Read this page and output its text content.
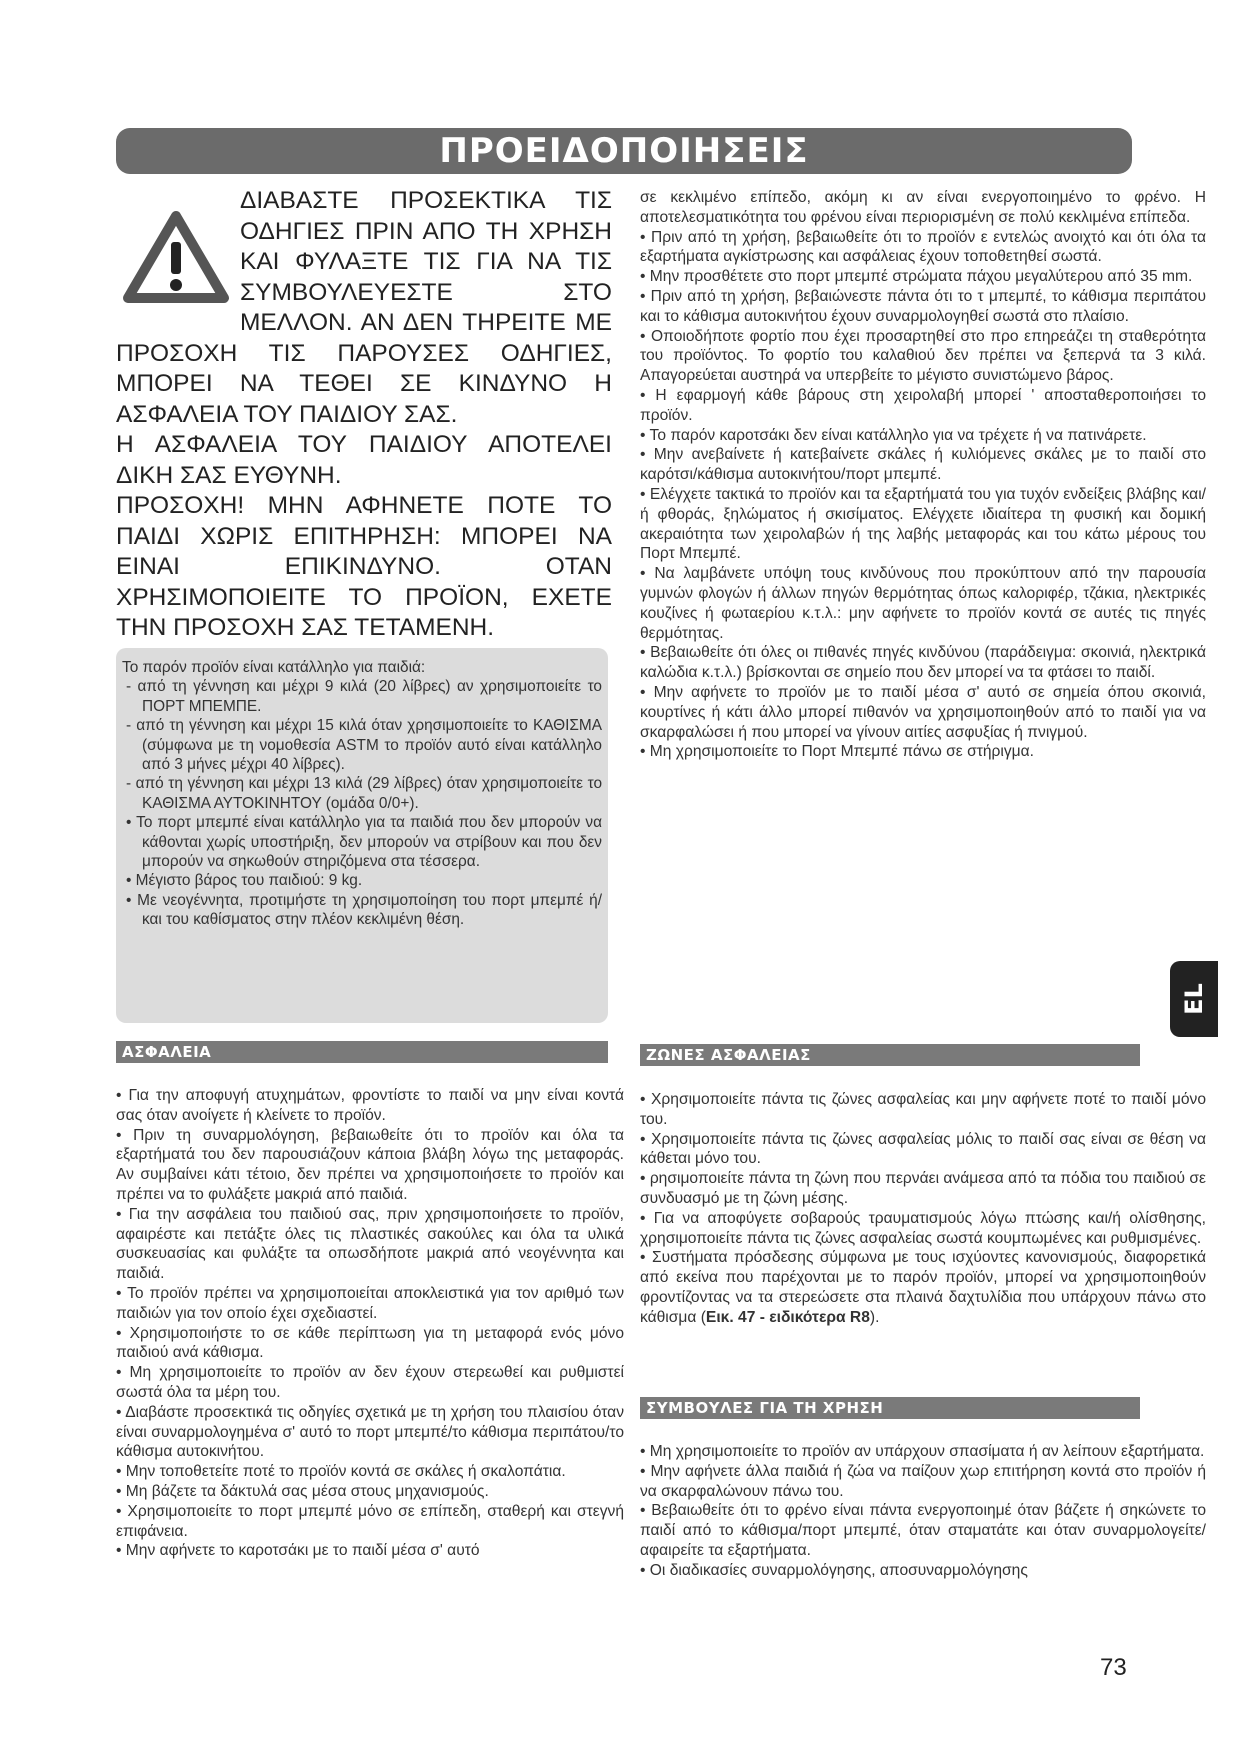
ΠΡΟΕΙΔΟΠΟΙΗΣΕΙΣ

ΔΙΑΒΑΣΤΕ ΠΡΟΣΕΚΤΙΚΑ ΤΙΣ ΟΔΗΓΙΕΣ ΠΡΙΝ ΑΠΟ ΤΗ ΧΡΗΣΗ ΚΑΙ ΦΥΛΑΞΤΕ ΤΙΣ ΓΙΑ ΝΑ ΤΙΣ ΣΥΜΒΟΥΛΕΥΕΣΤΕ ΣΤΟ ΜΕΛΛΟΝ. ΑΝ ΔΕΝ ΤΗΡΕΙΤΕ ΜΕ ΠΡΟΣΟΧΗ ΤΙΣ ΠΑΡΟΥΣΕΣ ΟΔΗΓΙΕΣ, ΜΠΟΡΕΙ ΝΑ ΤΕΘΕΙ ΣΕ ΚΙΝΔΥΝΟ Η ΑΣΦΑΛΕΙΑ ΤΟΥ ΠΑΙΔΙΟΥ ΣΑΣ.

Η ΑΣΦΑΛΕΙΑ ΤΟΥ ΠΑΙΔΙΟΥ ΑΠΟΤΕΛΕΙ ΔΙΚΗ ΣΑΣ ΕΥΘΥΝΗ.

ΠΡΟΣΟΧΗ! ΜΗΝ ΑΦΗΝΕΤΕ ΠΟΤΕ ΤΟ ΠΑΙΔΙ ΧΩΡΙΣ ΕΠΙΤΗΡΗΣΗ: ΜΠΟΡΕΙ ΝΑ ΕΙΝΑΙ ΕΠΙΚΙΝΔΥΝΟ. ΟΤΑΝ ΧΡΗΣΙΜΟΠΟΙΕΙΤΕ ΤΟ ΠΡΟΪΟΝ, ΕΧΕΤΕ ΤΗΝ ΠΡΟΣΟΧΗ ΣΑΣ ΤΕΤΑΜΕΝΗ.

Το παρόν προϊόν είναι κατάλληλο για παιδιά:

- από τη γέννηση και μέχρι 9 κιλά (20 λίβρες) αν χρησιμοποιείτε το ΠΟΡΤ ΜΠΕΜΠΕ.

- από τη γέννηση και μέχρι 15 κιλά όταν χρησιμοποιείτε το ΚΑΘΙΣΜΑ (σύμφωνα με τη νομοθεσία ASTM το προϊόν αυτό είναι κατάλληλο από 3 μήνες μέχρι 40 λίβρες).

- από τη γέννηση και μέχρι 13 κιλά (29 λίβρες) όταν χρησιμοποιείτε το ΚΑΘΙΣΜΑ ΑΥΤΟΚΙΝΗΤΟΥ (ομάδα 0/0+).

• Το πορτ μπεμπέ είναι κατάλληλο για τα παιδιά που δεν μπορούν να κάθονται χωρίς υποστήριξη, δεν μπορούν να στρίβουν και που δεν μπορούν να σηκωθούν στηριζόμενα στα τέσσερα.

• Μέγιστο βάρος του παιδιού: 9 kg.

• Με νεογέννητα, προτιμήστε τη χρησιμοποίηση του πορτ μπεμπέ ή/και του καθίσματος στην πλέον κεκλιμένη θέση.

ΑΣΦΑΛΕΙΑ

• Για την αποφυγή ατυχημάτων, φροντίστε το παιδί να μην είναι κοντά σας όταν ανοίγετε ή κλείνετε το προϊόν.

• Πριν τη συναρμολόγηση, βεβαιωθείτε ότι το προϊόν και όλα τα εξαρτήματά του δεν παρουσιάζουν κάποια βλάβη λόγω της μεταφοράς. Αν συμβαίνει κάτι τέτοιο, δεν πρέπει να χρησιμοποιήσετε το προϊόν και πρέπει να το φυλάξετε μακριά από παιδιά.

• Για την ασφάλεια του παιδιού σας, πριν χρησιμοποιήσετε το προϊόν, αφαιρέστε και πετάξτε όλες τις πλαστικές σακούλες και όλα τα υλικά συσκευασίας και φυλάξτε τα οπωσδήποτε μακριά από νεογέννητα και παιδιά.

• Το προϊόν πρέπει να χρησιμοποιείται αποκλειστικά για τον αριθμό των παιδιών για τον οποίο έχει σχεδιαστεί.

• Χρησιμοποιήστε το σε κάθε περίπτωση για τη μεταφορά ενός μόνο παιδιού ανά κάθισμα.

• Μη χρησιμοποιείτε το προϊόν αν δεν έχουν στερεωθεί και ρυθμιστεί σωστά όλα τα μέρη του.

• Διαβάστε προσεκτικά τις οδηγίες σχετικά με τη χρήση του πλαισίου όταν είναι συναρμολογημένα σ' αυτό το πορτ μπεμπέ/το κάθισμα περιπάτου/το κάθισμα αυτοκινήτου.

• Μην τοποθετείτε ποτέ το προϊόν κοντά σε σκάλες ή σκαλοπάτια.

• Μη βάζετε τα δάκτυλά σας μέσα στους μηχανισμούς.

• Χρησιμοποιείτε το πορτ μπεμπέ μόνο σε επίπεδη, σταθερή και στεγνή επιφάνεια.

• Μην αφήνετε το καροτσάκι με το παιδί μέσα σ' αυτό

σε κεκλιμένο επίπεδο, ακόμη κι αν είναι ενεργοποιημένο το φρένο. Η αποτελεσματικότητα του φρένου είναι περιορισμένη σε πολύ κεκλιμένα επίπεδα.

• Πριν από τη χρήση, βεβαιωθείτε ότι το προϊόν ε εντελώς ανοιχτό και ότι όλα τα εξαρτήματα αγκίστρωσης και ασφάλειας έχουν τοποθετηθεί σωστά.

• Μην προσθέτετε στο πορτ μπεμπέ στρώματα πάχου μεγαλύτερου από 35 mm.

• Πριν από τη χρήση, βεβαιώνεστε πάντα ότι το τ μπεμπέ, το κάθισμα περιπάτου και το κάθισμα αυτοκινήτου έχουν συναρμολογηθεί σωστά στο πλαίσιο.

• Οποιοδήποτε φορτίο που έχει προσαρτηθεί στο προ επηρεάζει τη σταθερότητα του προϊόντος. Το φορτίο του καλαθιού δεν πρέπει να ξεπερνά τα 3 κιλά. Απαγορεύεται αυστηρά να υπερβείτε το μέγιστο συνιστώμενο βάρος.

• Η εφαρμογή κάθε βάρους στη χειρολαβή μπορεί ' αποσταθεροποιήσει το προϊόν.

• Το παρόν καροτσάκι δεν είναι κατάλληλο για να τρέχετε ή να πατινάρετε.

• Μην ανεβαίνετε ή κατεβαίνετε σκάλες ή κυλιόμενες σκάλες με το παιδί στο καρότσι/κάθισμα αυτοκινήτου/πορτ μπεμπέ.

• Ελέγχετε τακτικά το προϊόν και τα εξαρτήματά του για τυχόν ενδείξεις βλάβης και/ή φθοράς, ξηλώματος ή σκισίματος. Ελέγχετε ιδιαίτερα τη φυσική και δομική ακεραιότητα των χειρολαβών ή της λαβής μεταφοράς και του κάτω μέρους του Πορτ Μπεμπέ.

• Να λαμβάνετε υπόψη τους κινδύνους που προκύπτουν από την παρουσία γυμνών φλογών ή άλλων πηγών θερμότητας όπως καλοριφέρ, τζάκια, ηλεκτρικές κουζίνες ή φωταερίου κ.τ.λ.: μην αφήνετε το προϊόν κοντά σε αυτές τις πηγές θερμότητας.

• Βεβαιωθείτε ότι όλες οι πιθανές πηγές κινδύνου (παράδειγμα: σκοινιά, ηλεκτρικά καλώδια κ.τ.λ.) βρίσκονται σε σημείο που δεν μπορεί να τα φτάσει το παιδί.

• Μην αφήνετε το προϊόν με το παιδί μέσα σ' αυτό σε σημεία όπου σκοινιά, κουρτίνες ή κάτι άλλο μπορεί πιθανόν να χρησιμοποιηθούν από το παιδί για να σκαρφαλώσει ή που μπορεί να γίνουν αιτίες ασφυξίας ή πνιγμού.

• Μη χρησιμοποιείτε το Πορτ Μπεμπέ πάνω σε στήριγμα.

EL
ΖΩΝΕΣ ΑΣΦΑΛΕΙΑΣ

• Χρησιμοποιείτε πάντα τις ζώνες ασφαλείας και μην αφήνετε ποτέ το παιδί μόνο του.

• Χρησιμοποιείτε πάντα τις ζώνες ασφαλείας μόλις το παιδί σας είναι σε θέση να κάθεται μόνο του.

• ρησιμοποιείτε πάντα τη ζώνη που περνάει ανάμεσα από τα πόδια του παιδιού σε συνδυασμό με τη ζώνη μέσης.

• Για να αποφύγετε σοβαρούς τραυματισμούς λόγω πτώσης και/ή ολίσθησης, χρησιμοποιείτε πάντα τις ζώνες ασφαλείας σωστά κουμπωμένες και ρυθμισμένες.

• Συστήματα πρόσδεσης σύμφωνα με τους ισχύοντες κανονισμούς, διαφορετικά από εκείνα που παρέχονται με το παρόν προϊόν, μπορεί να χρησιμοποιηθούν φροντίζοντας να τα στερεώσετε στα πλαινά δαχτυλίδια που υπάρχουν πάνω στο κάθισμα (Εικ. 47 - ειδικότερα R8).

ΣΥΜΒΟΥΛΕΣ ΓΙΑ ΤΗ ΧΡΗΣΗ

• Μη χρησιμοποιείτε το προϊόν αν υπάρχουν σπασίματα ή αν λείπουν εξαρτήματα.

• Μην αφήνετε άλλα παιδιά ή ζώα να παίζουν χωρ επιτήρηση κοντά στο προϊόν ή να σκαρφαλώνουν πάνω του.

• Βεβαιωθείτε ότι το φρένο είναι πάντα ενεργοποιημέ όταν βάζετε ή σηκώνετε το παιδί από το κάθισμα/πορτ μπεμπέ, όταν σταματάτε και όταν συναρμολογείτε/αφαιρείτε τα εξαρτήματα.

• Οι διαδικασίες συναρμολόγησης, αποσυναρμολόγησης

73
